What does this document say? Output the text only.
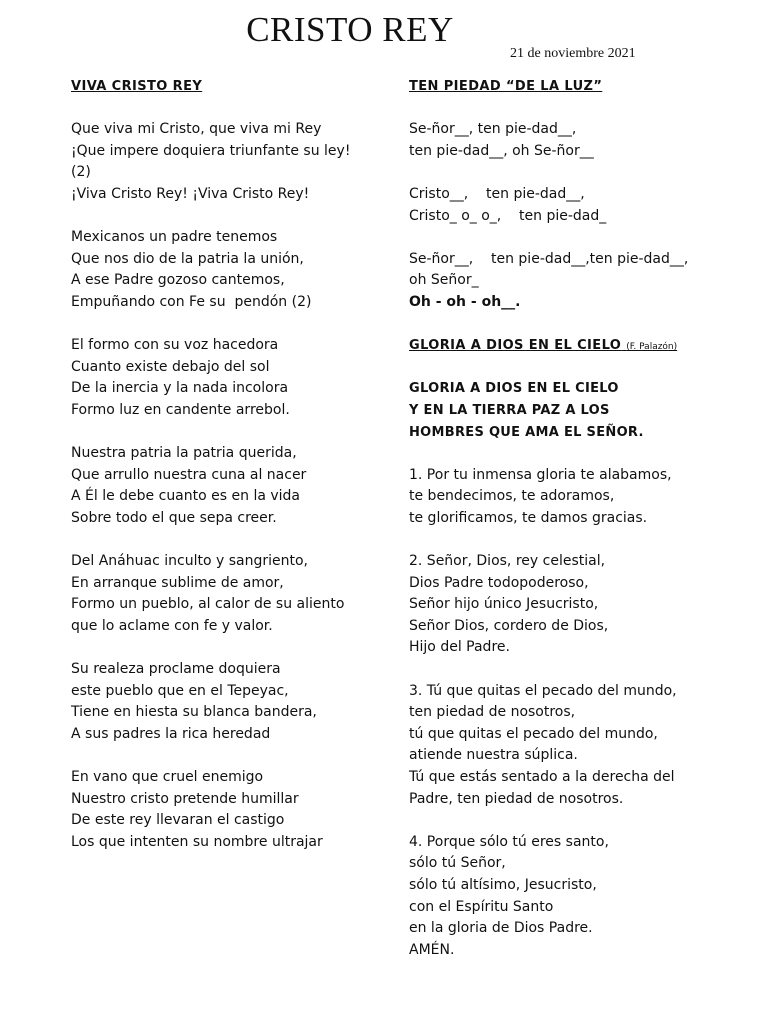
CRISTO REY
21 de noviembre 2021
VIVA CRISTO REY
Que viva mi Cristo, que viva mi Rey
¡Que impere doquiera triunfante su ley!
(2)
¡Viva Cristo Rey! ¡Viva Cristo Rey!
Mexicanos un padre tenemos
Que nos dio de la patria la unión,
A ese Padre gozoso cantemos,
Empuñando con Fe su  pendón (2)
El formo con su voz hacedora
Cuanto existe debajo del sol
De la inercia y la nada incolora
Formo luz en candente arrebol.
Nuestra patria la patria querida,
Que arrullo nuestra cuna al nacer
A Él le debe cuanto es en la vida
Sobre todo el que sepa creer.
Del Anáhuac inculto y sangriento,
En arranque sublime de amor,
Formo un pueblo, al calor de su aliento
que lo aclame con fe y valor.
Su realeza proclame doquiera
este pueblo que en el Tepeyac,
Tiene en hiesta su blanca bandera,
A sus padres la rica heredad
En vano que cruel enemigo
Nuestro cristo pretende humillar
De este rey llevaran el castigo
Los que intenten su nombre ultrajar
TEN PIEDAD “DE LA LUZ”
Se-ñor__, ten pie-dad__,
ten pie-dad__, oh Se-ñor__
Cristo__,    ten pie-dad__,
Cristo_ o_ o_,    ten pie-dad_
Se-ñor__,    ten pie-dad__,ten pie-dad__,
oh Señor_
Oh - oh - oh__.
GLORIA A DIOS EN EL CIELO (F. Palazón)
GLORIA A DIOS EN EL CIELO
Y EN LA TIERRA PAZ A LOS
HOMBRES QUE AMA EL SEÑOR.
1. Por tu inmensa gloria te alabamos,
te bendecimos, te adoramos,
te glorificamos, te damos gracias.
2. Señor, Dios, rey celestial,
Dios Padre todopoderoso,
Señor hijo único Jesucristo,
Señor Dios, cordero de Dios,
Hijo del Padre.
3. Tú que quitas el pecado del mundo,
ten piedad de nosotros,
tú que quitas el pecado del mundo,
atiende nuestra súplica.
Tú que estás sentado a la derecha del
Padre, ten piedad de nosotros.
4. Porque sólo tú eres santo,
sólo tú Señor,
sólo tú altísimo, Jesucristo,
con el Espíritu Santo
en la gloria de Dios Padre.
AMÉN.
